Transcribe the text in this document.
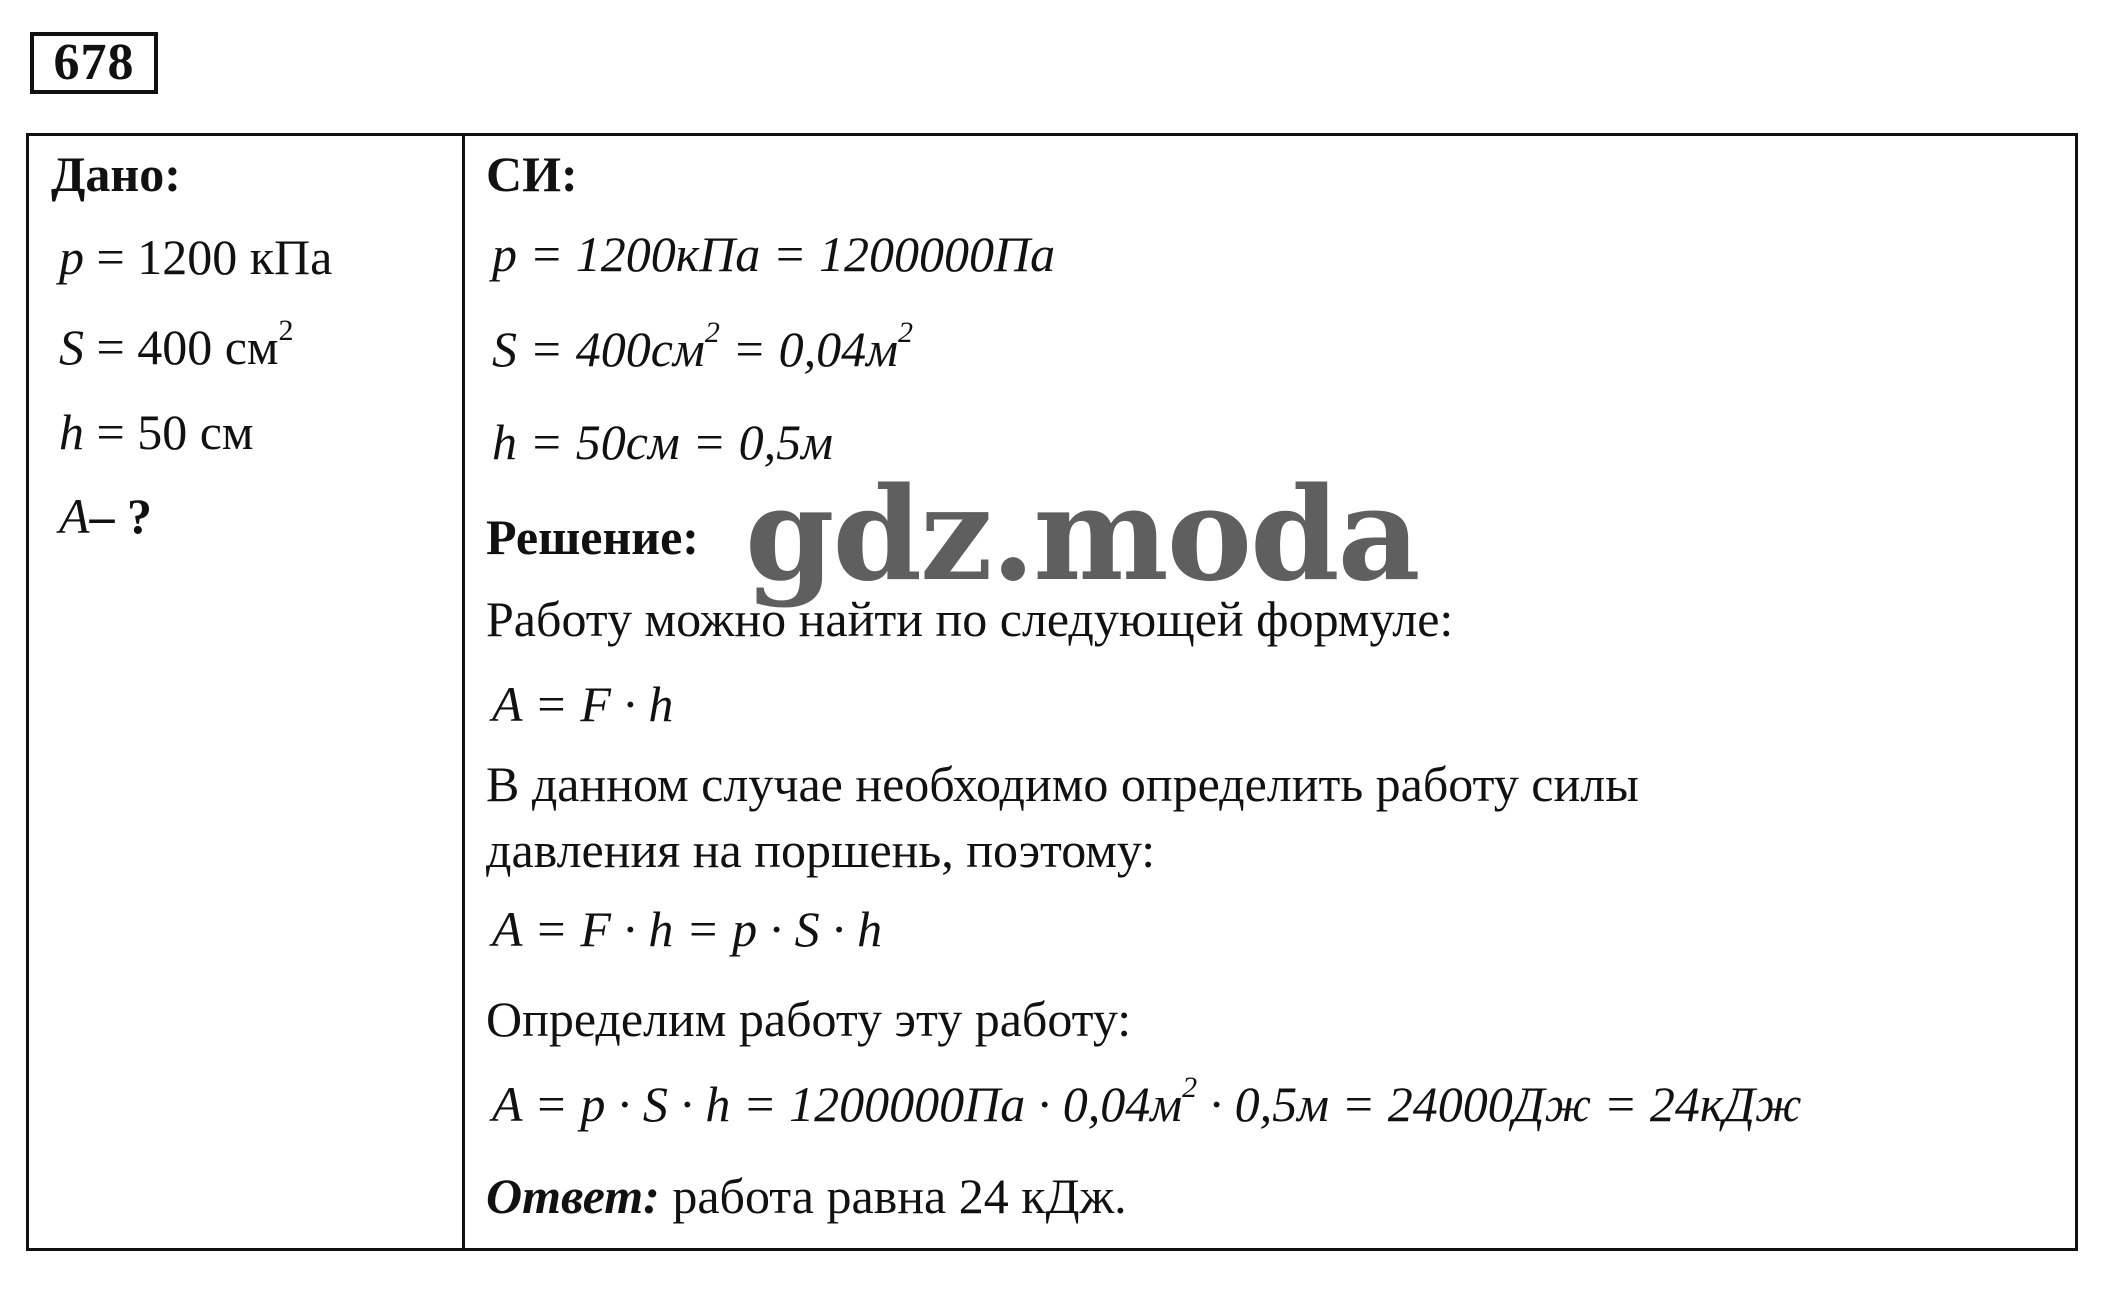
678
Дано:
p = 1200 кПа
S = 400 $см^2$
h = 50 см
A– ?
СИ:
p = 1200кПа = 1200000Па
$S = 400см^2 = 0,04м^2$
h = 50см = 0,5м
Решение:
Работу можно найти по следующей формуле:
A = F · h
В данном случае необходимо определить работу силы
давления на поршень, поэтому:
A = F · h = p · S · h
Определим работу эту работу:
$A = p \cdot S \cdot h = 1200000Па \cdot 0,04м^2 \cdot 0,5м = 24000Дж = 24кДж$
Ответ: работа равна 24 кДж.
gdz.moda
